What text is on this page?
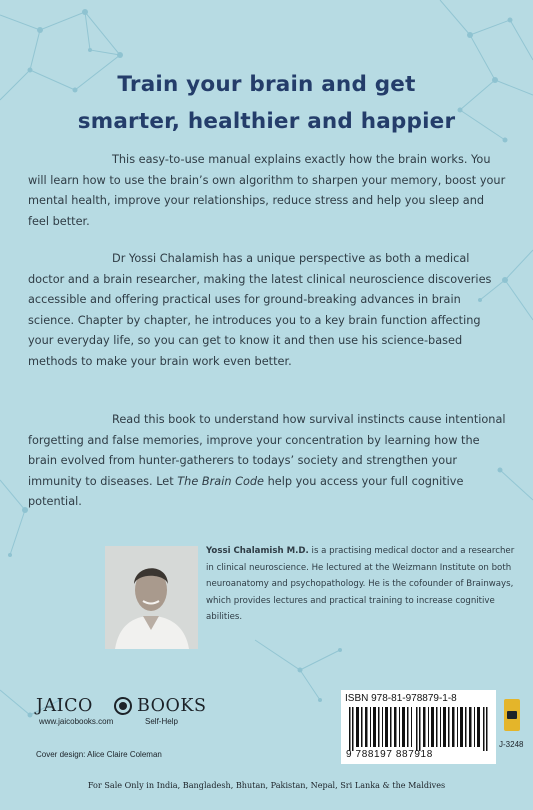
Train your brain and get
smarter, healthier and happier
This easy-to-use manual explains exactly how the brain works. You will learn how to use the brain’s own algorithm to sharpen your memory, boost your mental health, improve your relationships, reduce stress and help you sleep and feel better.
Dr Yossi Chalamish has a unique perspective as both a medical doctor and a brain researcher, making the latest clinical neuroscience discoveries accessible and offering practical uses for ground-breaking advances in brain science. Chapter by chapter, he introduces you to a key brain function affecting your everyday life, so you can get to know it and then use his science-based methods to make your brain work even better.
Read this book to understand how survival instincts cause intentional forgetting and false memories, improve your concentration by learning how the brain evolved from hunter-gatherers to todays’ society and strengthen your immunity to diseases. Let The Brain Code help you access your full cognitive potential.
Yossi Chalamish M.D. is a practising medical doctor and a researcher in clinical neuroscience. He lectured at the Weizmann Institute on both neuroanatomy and psychopathology. He is the cofounder of Brainways, which provides lectures and practical training to increase cognitive abilities.
JAICO	BOOKS
www.jaicobooks.com	Self-Help
Cover design: Alice Claire Coleman
ISBN 978-81-978879-1-8
9 788197 887918
J-3248
For Sale Only in India, Bangladesh, Bhutan, Pakistan, Nepal, Sri Lanka & the Maldives
